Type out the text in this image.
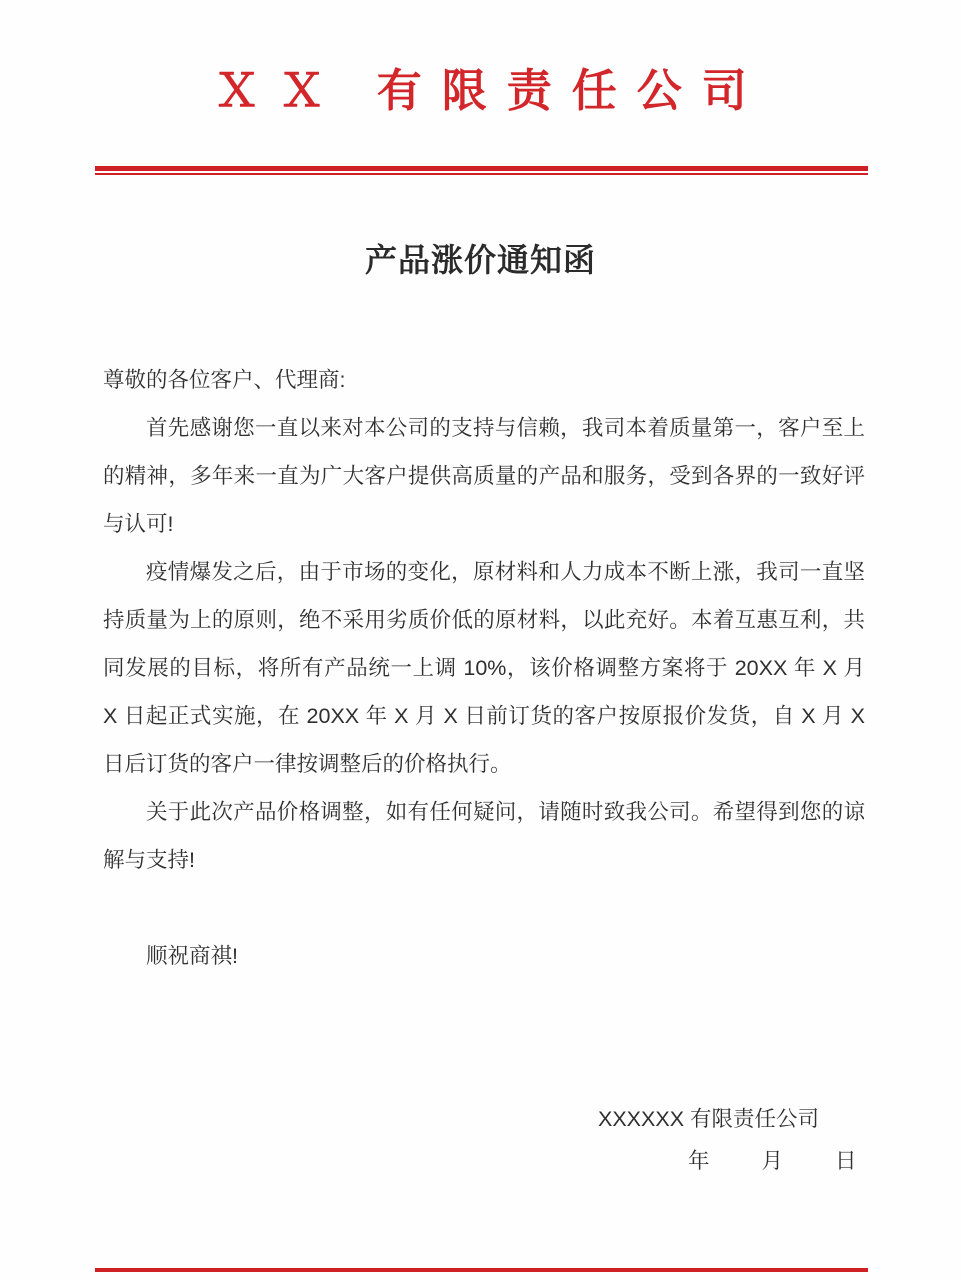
ＸＸ 有限责任公司
产品涨价通知函

尊敬的各位客户、代理商:

首先感谢您一直以来对本公司的支持与信赖，我司本着质量第一，客户至上的精神，多年来一直为广大客户提供高质量的产品和服务，受到各界的一致好评与认可!

疫情爆发之后，由于市场的变化，原材料和人力成本不断上涨，我司一直坚持质量为上的原则，绝不采用劣质价低的原材料，以此充好。本着互惠互利，共同发展的目标，将所有产品统一上调 10%，该价格调整方案将于 20XX 年 X 月 X 日起正式实施，在 20XX 年 X 月 X 日前订货的客户按原报价发货，自 X 月 X 日后订货的客户一律按调整后的价格执行。

关于此次产品价格调整，如有任何疑问，请随时致我公司。希望得到您的谅解与支持!

顺祝商祺!

XXXXXX 有限责任公司
年 月 日
